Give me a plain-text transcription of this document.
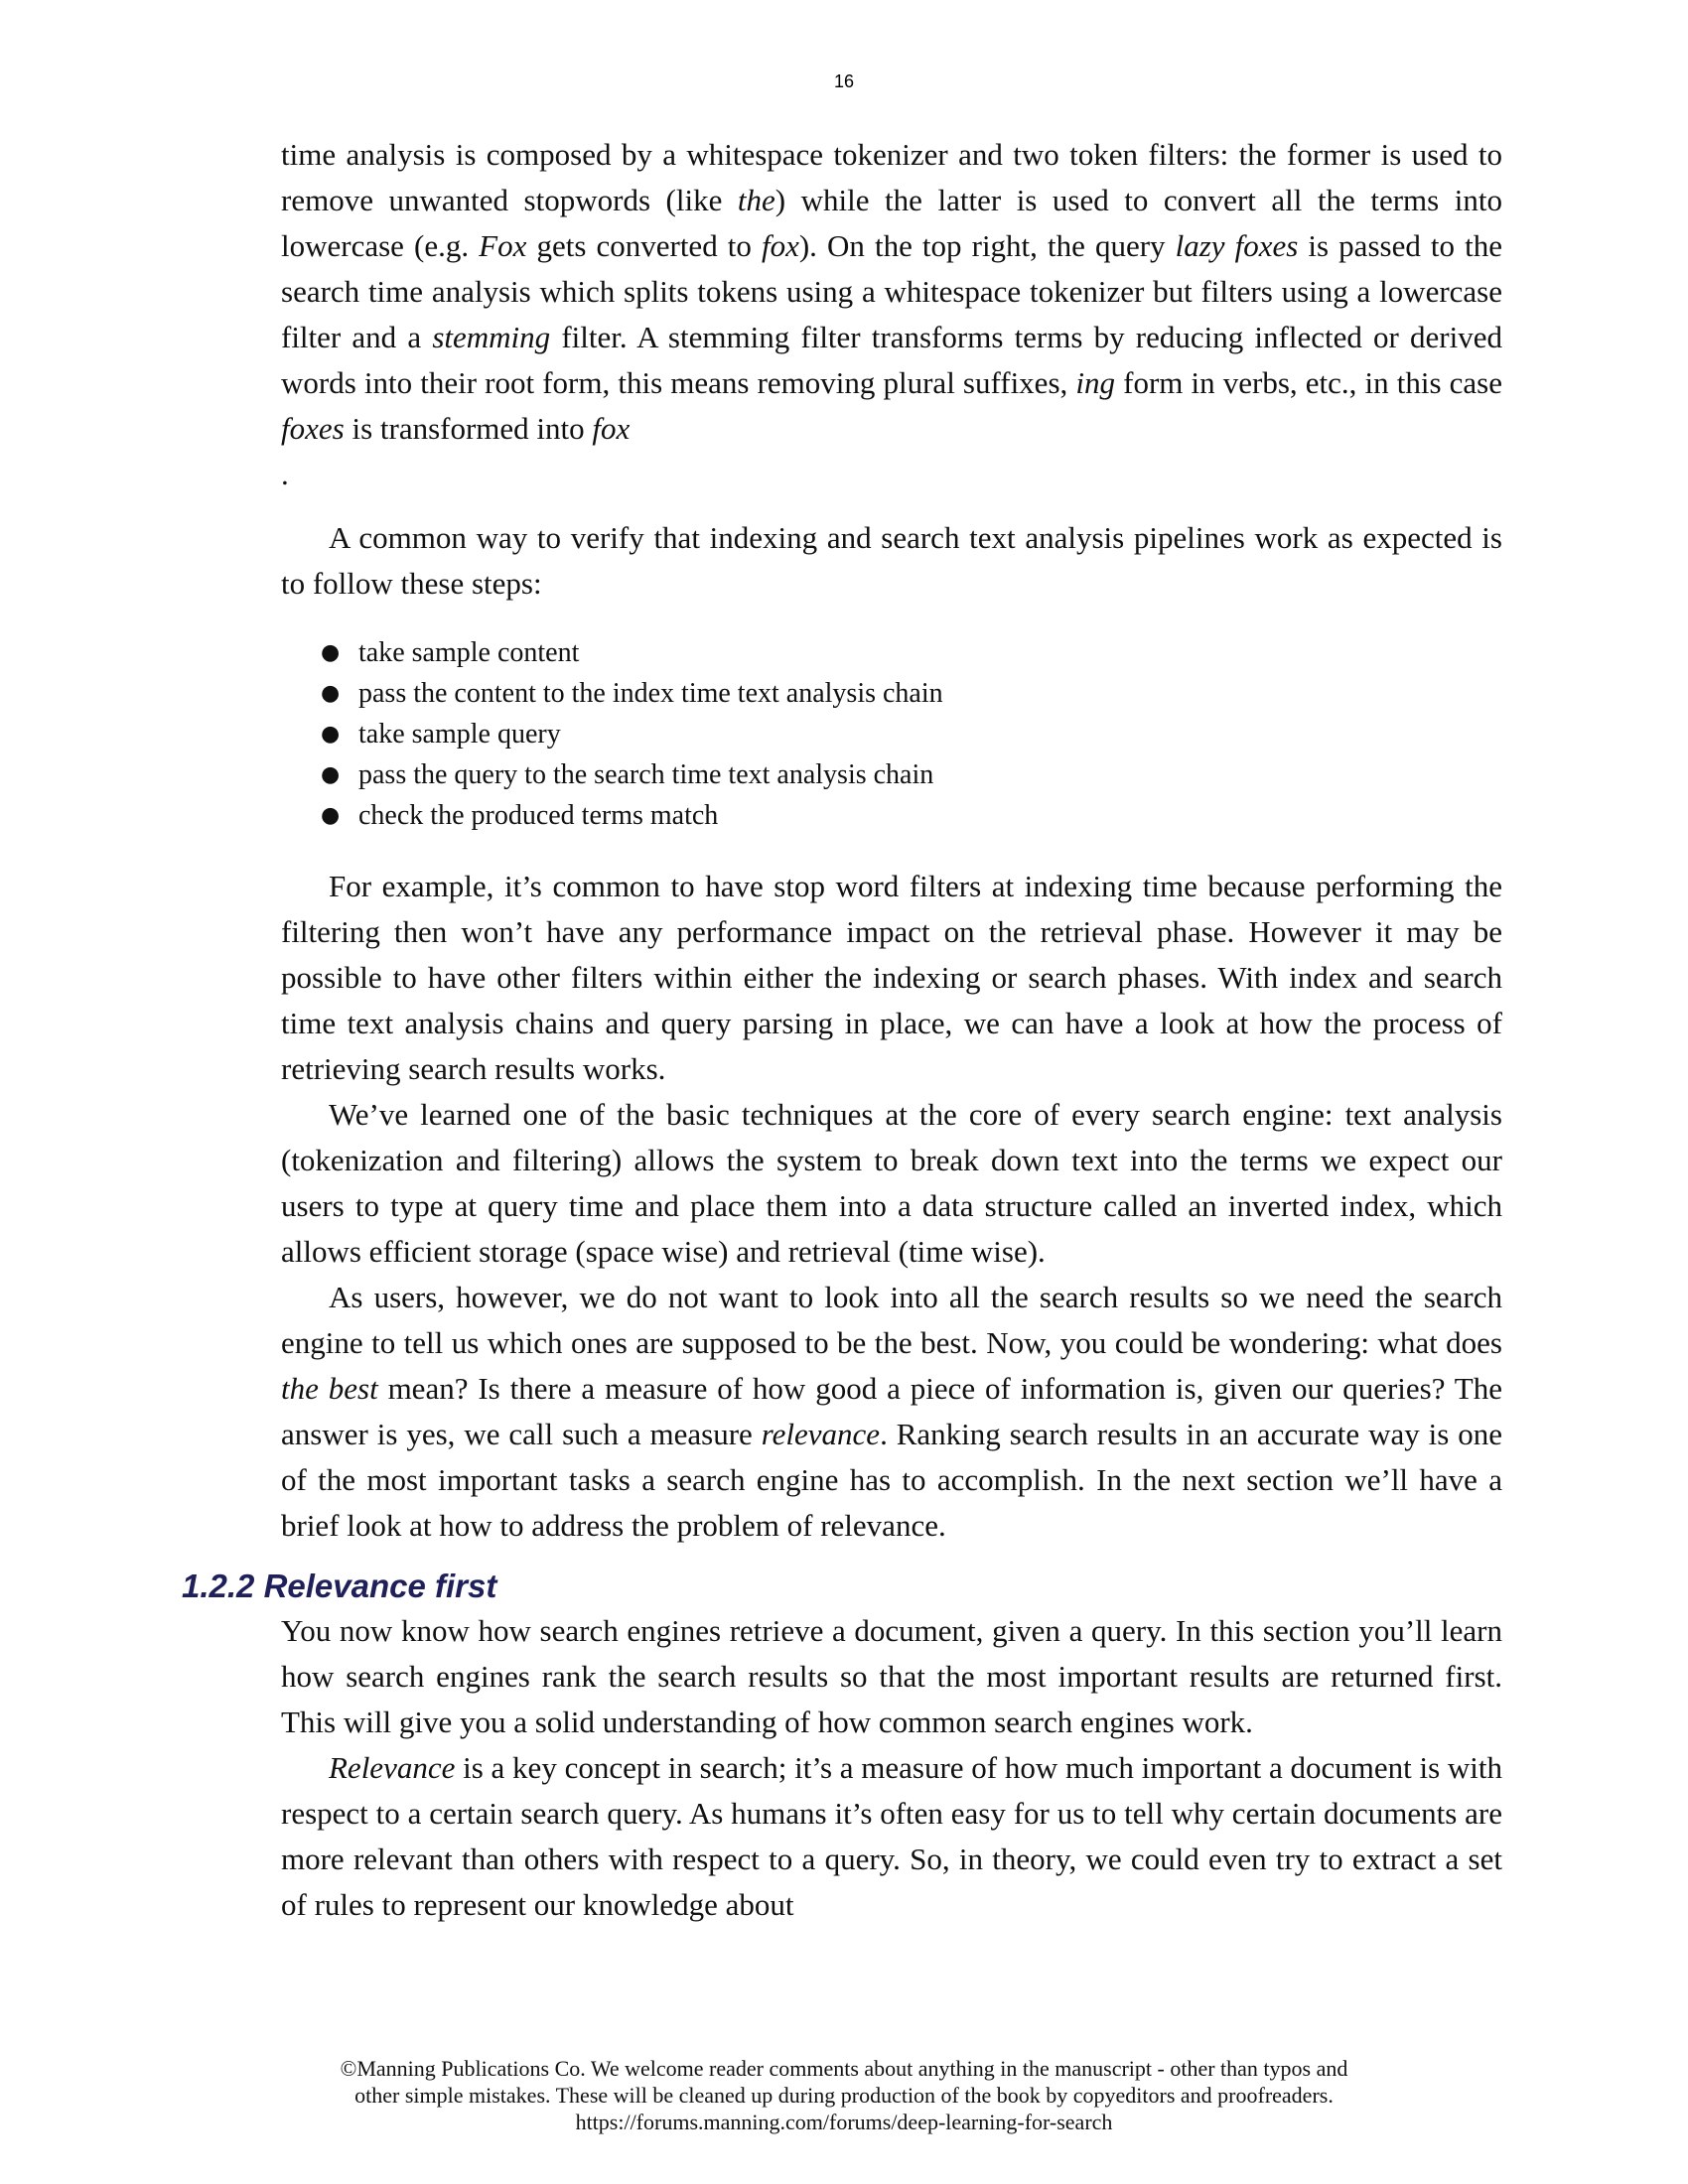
16

time analysis is composed by a whitespace tokenizer and two token filters: the former is used to remove unwanted stopwords (like the) while the latter is used to convert all the terms into lowercase (e.g. Fox gets converted to fox). On the top right, the query lazy foxes is passed to the search time analysis which splits tokens using a whitespace tokenizer but filters using a lowercase filter and a stemming filter. A stemming filter transforms terms by reducing inflected or derived words into their root form, this means removing plural suffixes, ing form in verbs, etc., in this case foxes is transformed into fox

.

A common way to verify that indexing and search text analysis pipelines work as expected is to follow these steps:

● take sample content
● pass the content to the index time text analysis chain
● take sample query
● pass the query to the search time text analysis chain
● check the produced terms match

For example, it’s common to have stop word filters at indexing time because performing the filtering then won’t have any performance impact on the retrieval phase. However it may be possible to have other filters within either the indexing or search phases. With index and search time text analysis chains and query parsing in place, we can have a look at how the process of retrieving search results works.

We’ve learned one of the basic techniques at the core of every search engine: text analysis (tokenization and filtering) allows the system to break down text into the terms we expect our users to type at query time and place them into a data structure called an inverted index, which allows efficient storage (space wise) and retrieval (time wise).

As users, however, we do not want to look into all the search results so we need the search engine to tell us which ones are supposed to be the best. Now, you could be wondering: what does the best mean? Is there a measure of how good a piece of information is, given our queries? The answer is yes, we call such a measure relevance. Ranking search results in an accurate way is one of the most important tasks a search engine has to accomplish. In the next section we’ll have a brief look at how to address the problem of relevance.

1.2.2 Relevance first

You now know how search engines retrieve a document, given a query. In this section you’ll learn how search engines rank the search results so that the most important results are returned first. This will give you a solid understanding of how common search engines work.

Relevance is a key concept in search; it’s a measure of how much important a document is with respect to a certain search query. As humans it’s often easy for us to tell why certain documents are more relevant than others with respect to a query. So, in theory, we could even try to extract a set of rules to represent our knowledge about

©Manning Publications Co. We welcome reader comments about anything in the manuscript - other than typos and
other simple mistakes. These will be cleaned up during production of the book by copyeditors and proofreaders.
https://forums.manning.com/forums/deep-learning-for-search
